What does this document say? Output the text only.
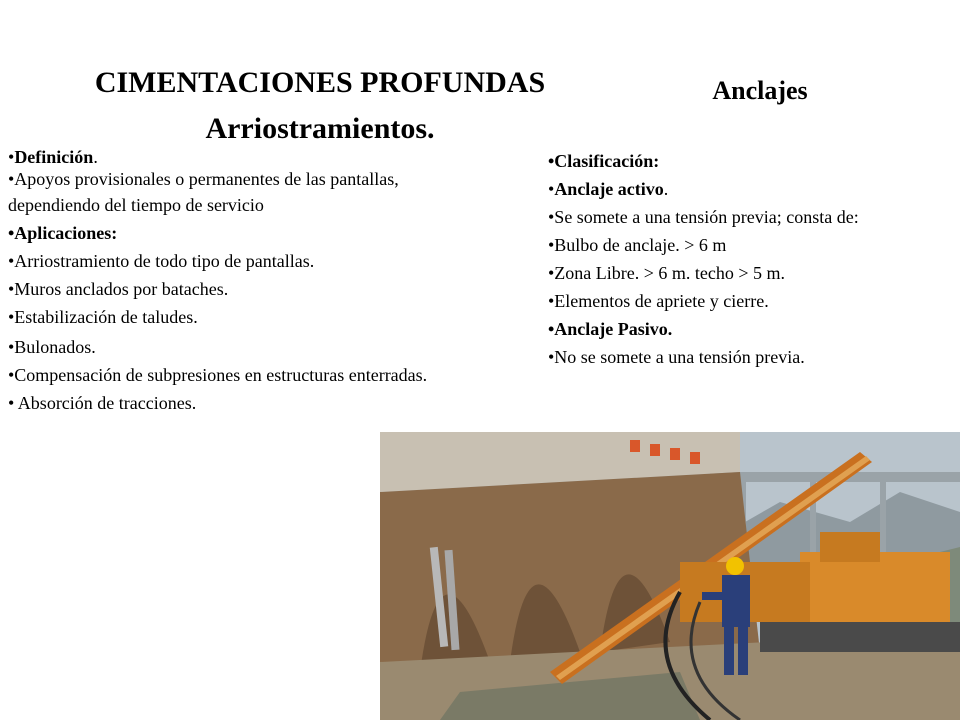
CIMENTACIONES PROFUNDAS
Arriostramientos.
Anclajes

•Definición.

•Apoyos provisionales o permanentes de las pantallas,

dependiendo del tiempo de servicio

•Aplicaciones:

•Arriostramiento de todo tipo de pantallas.

•Muros anclados por bataches.

•Estabilización de taludes.

•Bulonados.

•Compensación de subpresiones en estructuras enterradas.

• Absorción de tracciones.

•Clasificación:

•Anclaje activo.

•Se somete a una tensión previa; consta de:

•Bulbo de anclaje. > 6 m

•Zona Libre. > 6 m. techo > 5 m.

•Elementos de apriete y cierre.

•Anclaje Pasivo.

•No se somete a una tensión previa.
